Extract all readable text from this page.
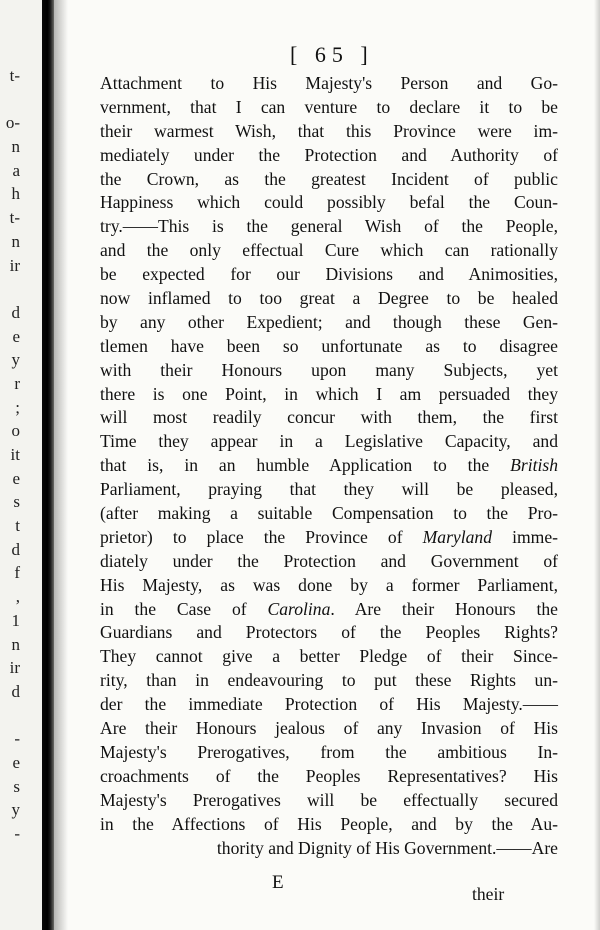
t-
o-
n
a
h
t-
n
ir
d
e
y
r
;
o
it
e
s
t
d
f
,
1
n
ir
d
-
e
s
y
-
[ 65 ]
Attachment to His Majesty's Person and Go-
vernment, that I can venture to declare it to be
their warmest Wish, that this Province were im-
mediately under the Protection and Authority of
the Crown, as the greatest Incident of public
Happiness which could possibly befal the Coun-
try.——This is the general Wish of the People,
and the only effectual Cure which can rationally
be expected for our Divisions and Animosities,
now inflamed to too great a Degree to be healed
by any other Expedient; and though these Gen-
tlemen have been so unfortunate as to disagree
with their Honours upon many Subjects, yet
there is one Point, in which I am persuaded they
will most readily concur with them, the first
Time they appear in a Legislative Capacity, and
that is, in an humble Application to the British
Parliament, praying that they will be pleased,
(after making a suitable Compensation to the Pro-
prietor) to place the Province of Maryland imme-
diately under the Protection and Government of
His Majesty, as was done by a former Parliament,
in the Case of Carolina. Are their Honours the
Guardians and Protectors of the Peoples Rights?
They cannot give a better Pledge of their Since-
rity, than in endeavouring to put these Rights un-
der the immediate Protection of His Majesty.——
Are their Honours jealous of any Invasion of His
Majesty's Prerogatives, from the ambitious In-
croachments of the Peoples Representatives? His
Majesty's Prerogatives will be effectually secured
in the Affections of His People, and by the Au-
thority and Dignity of His Government.——Are
E
their
